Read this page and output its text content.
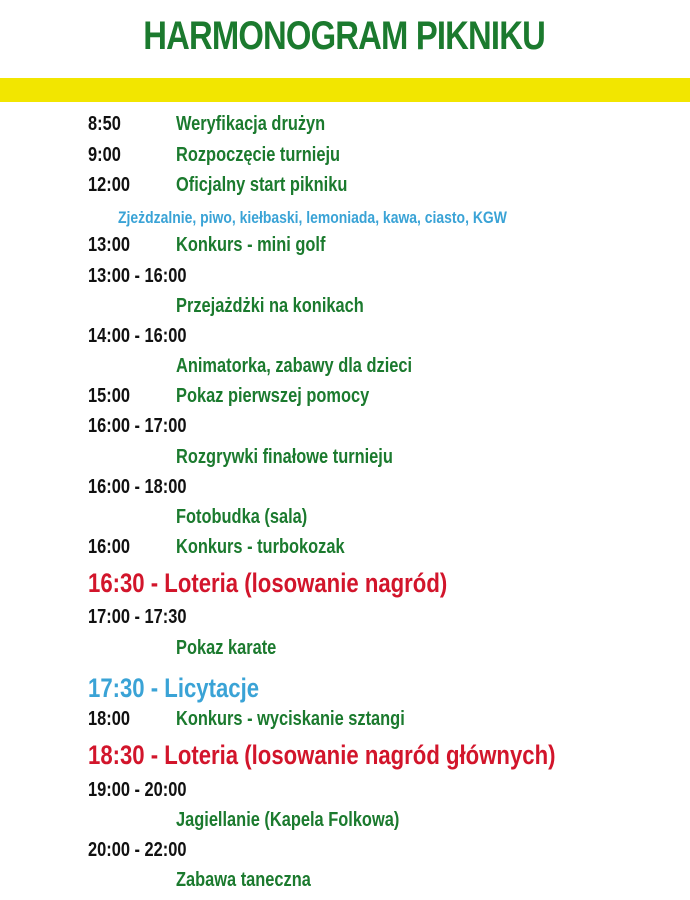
HARMONOGRAM PIKNIKU
8:50	Weryfikacja drużyn
9:00	Rozpoczęcie turnieju
12:00 Oficjalny start pikniku
Zjeżdzalnie, piwo, kiełbaski, lemoniada, kawa, ciasto, KGW
13:00 Konkurs - mini golf
13:00 - 16:00
Przejażdżki na konikach
14:00 - 16:00
Animatorka, zabawy dla dzieci
15:00 Pokaz pierwszej pomocy
16:00 - 17:00
Rozgrywki finałowe turnieju
16:00 - 18:00
Fotobudka (sala)
16:00 Konkurs - turbokozak
16:30 - Loteria (losowanie nagród)
17:00 - 17:30
Pokaz karate
17:30 - Licytacje
18:00 Konkurs - wyciskanie sztangi
18:30 - Loteria (losowanie nagród głównych)
19:00 - 20:00
Jagiellanie (Kapela Folkowa)
20:00 - 22:00
Zabawa taneczna
